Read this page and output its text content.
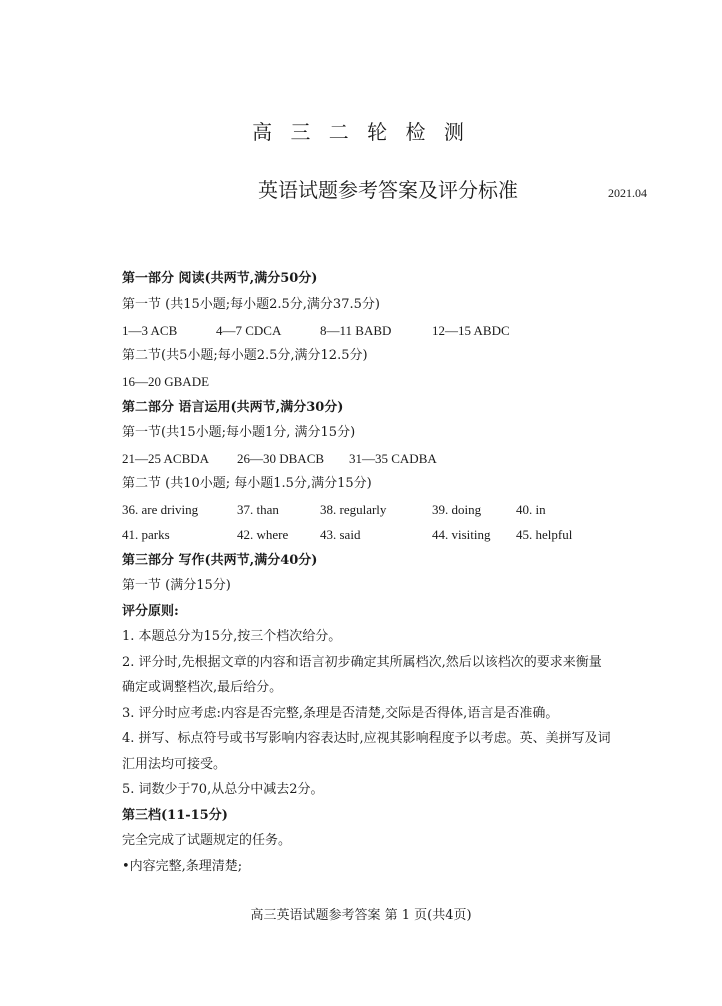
高 三 二 轮 检 测
英语试题参考答案及评分标准	2021.04
第一部分 阅读(共两节,满分50分)
第一节 (共15小题;每小题2.5分,满分37.5分)
1—3 ACB	4—7 CDCA	8—11 BABD	12—15 ABDC
第二节(共5小题;每小题2.5分,满分12.5分)
16—20 GBADE
第二部分 语言运用(共两节,满分30分)
第一节(共15小题;每小题1分, 满分15分)
21—25 ACBDA 26—30 DBACB 31—35 CADBA
第二节 (共10小题; 每小题1.5分,满分15分)
36. are driving	37. than	38. regularly	39. doing	40. in
41. parks	42. where 43. said	44. visiting 45. helpful
第三部分 写作(共两节,满分40分)
第一节 (满分15分)
评分原则:
1. 本题总分为15分,按三个档次给分。
2. 评分时,先根据文章的内容和语言初步确定其所属档次,然后以该档次的要求来衡量
确定或调整档次,最后给分。
3. 评分时应考虑:内容是否完整,条理是否清楚,交际是否得体,语言是否准确。
4. 拼写、标点符号或书写影响内容表达时,应视其影响程度予以考虑。英、美拼写及词
汇用法均可接受。
5. 词数少于70,从总分中减去2分。
第三档(11-15分)
完全完成了试题规定的任务。
•内容完整,条理清楚;
高三英语试题参考答案 第 1 页(共4页)
